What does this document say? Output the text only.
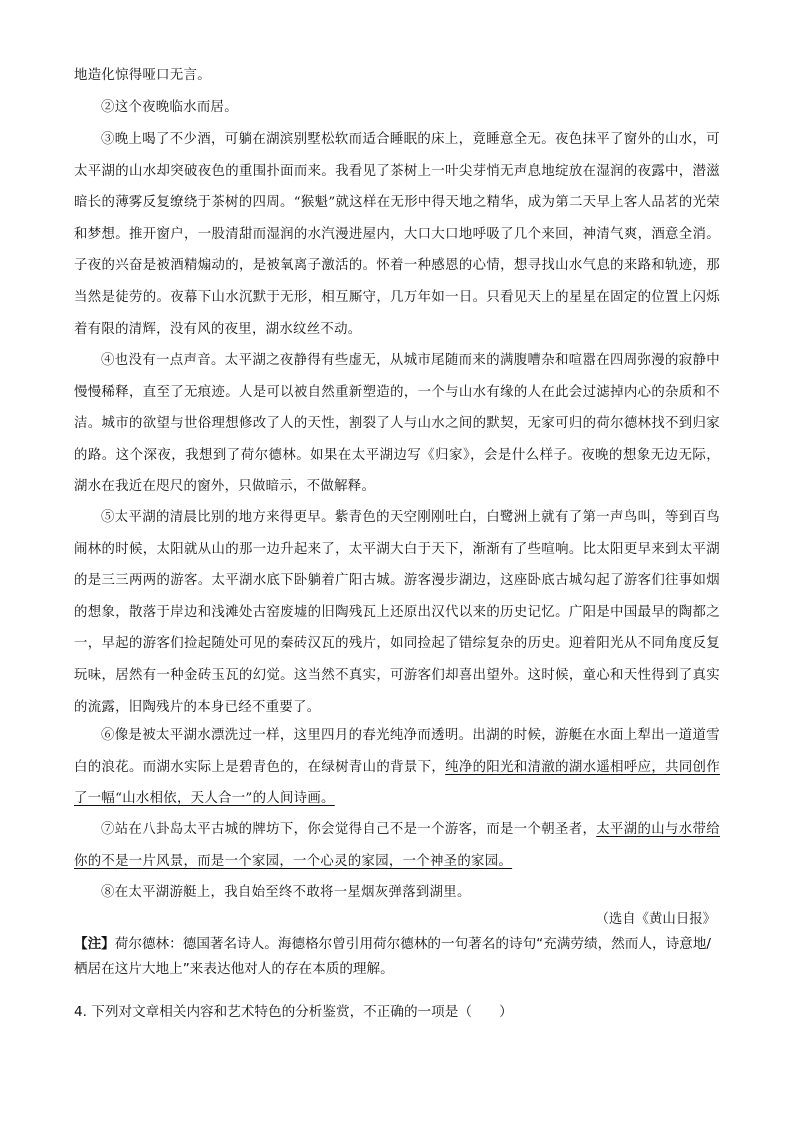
地造化惊得哑口无言。

②这个夜晚临水而居。

③晚上喝了不少酒，可躺在湖滨别墅松软而适合睡眠的床上，竟睡意全无。夜色抹平了窗外的山水，可太平湖的山水却突破夜色的重围扑面而来。我看见了茶树上一叶尖芽悄无声息地绽放在湿润的夜露中，潜滋暗长的薄雾反复缭绕于茶树的四周。“猴魁”就这样在无形中得天地之精华，成为第二天早上客人品茗的光荣和梦想。推开窗户，一股清甜而湿润的水汽漫进屋内，大口大口地呼吸了几个来回，神清气爽，酒意全消。子夜的兴奋是被酒精煽动的，是被氧离子激活的。怀着一种感恩的心情，想寻找山水气息的来路和轨迹，那当然是徒劳的。夜幕下山水沉默于无形，相互厮守，几万年如一日。只看见天上的星星在固定的位置上闪烁着有限的清辉，没有风的夜里，湖水纹丝不动。

④也没有一点声音。太平湖之夜静得有些虚无，从城市尾随而来的满腹嘈杂和喧嚣在四周弥漫的寂静中慢慢稀释，直至了无痕迹。人是可以被自然重新塑造的，一个与山水有缘的人在此会过滤掉内心的杂质和不洁。城市的欲望与世俗理想修改了人的天性，割裂了人与山水之间的默契，无家可归的荷尔德林找不到归家的路。这个深夜，我想到了荷尔德林。如果在太平湖边写《归家》，会是什么样子。夜晚的想象无边无际，湖水在我近在咫尺的窗外，只做暗示，不做解释。

⑤太平湖的清晨比别的地方来得更早。紫青色的天空刚刚吐白，白鹭洲上就有了第一声鸟叫，等到百鸟闹林的时候，太阳就从山的那一边升起来了，太平湖大白于天下，渐渐有了些喧响。比太阳更早来到太平湖的是三三两两的游客。太平湖水底下卧躺着广阳古城。游客漫步湖边，这座卧底古城勾起了游客们往事如烟的想象，散落于岸边和浅滩处古窑废墟的旧陶残瓦上还原出汉代以来的历史记忆。广阳是中国最早的陶都之一，早起的游客们捡起随处可见的秦砖汉瓦的残片，如同捡起了错综复杂的历史。迎着阳光从不同角度反复玩味，居然有一种金砖玉瓦的幻觉。这当然不真实，可游客们却喜出望外。这时候，童心和天性得到了真实的流露，旧陶残片的本身已经不重要了。

⑥像是被太平湖水漂洗过一样，这里四月的春光纯净而透明。出湖的时候，游艇在水面上犁出一道道雪白的浪花。而湖水实际上是碧青色的，在绿树青山的背景下，纯净的阳光和清澈的湖水遥相呼应，共同创作了一幅“山水相依，天人合一”的人间诗画。

⑦站在八卦岛太平古城的牌坊下，你会觉得自己不是一个游客，而是一个朝圣者，太平湖的山与水带给你的不是一片风景，而是一个家园，一个心灵的家园，一个神圣的家园。

⑧在太平湖游艇上，我自始至终不敢将一星烟灰弹落到湖里。

（选自《黄山日报》

【注】荷尔德林：德国著名诗人。海德格尔曾引用荷尔德林的一句著名的诗句“充满劳绩，然而人，诗意地/栖居在这片大地上”来表达他对人的存在本质的理解。

4. 下列对文章相关内容和艺术特色的分析鉴赏，不正确的一项是（　　）
